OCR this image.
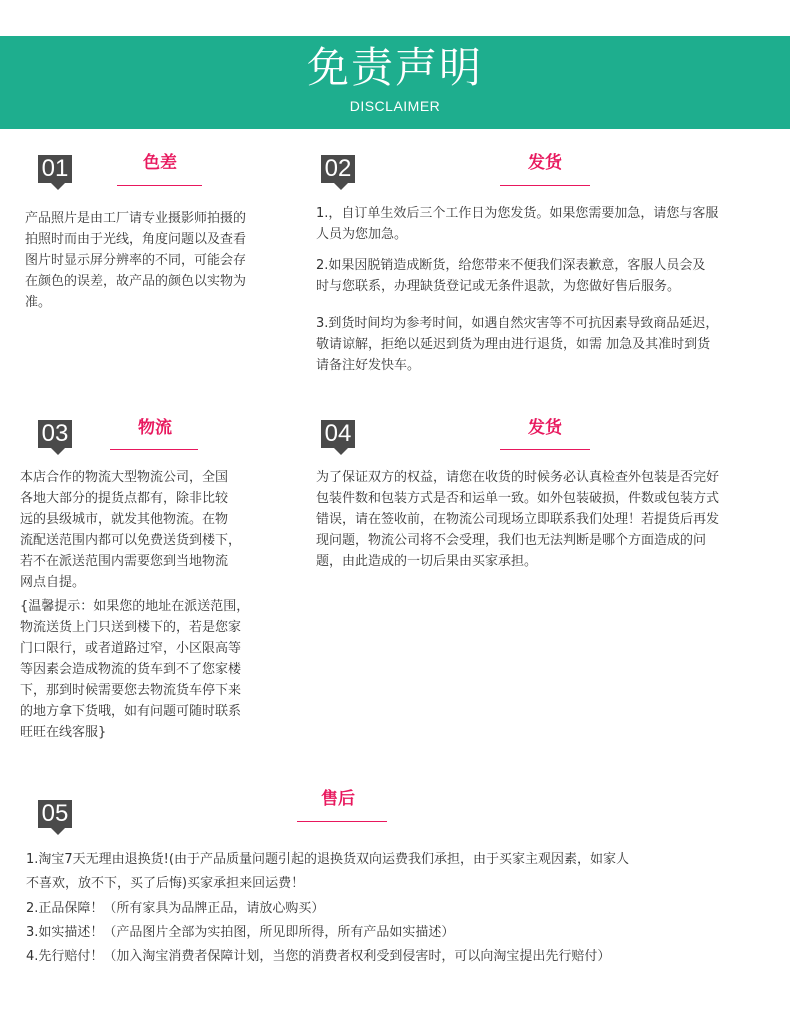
免责声明
DISCLAIMER
01	色差

产品照片是由工厂请专业摄影师拍摄的
拍照时而由于光线，角度问题以及查看
图片时显示屏分辨率的不同，可能会存
在颜色的误差，故产品的颜色以实物为
准。

02	发货

1.，自订单生效后三个工作日为您发货。如果您需要加急，请您与客服
人员为您加急。

2.如果因脱销造成断货，给您带来不便我们深表歉意，客服人员会及
时与您联系，办理缺货登记或无条件退款，为您做好售后服务。

3.到货时间均为参考时间，如遇自然灾害等不可抗因素导致商品延迟，
敬请谅解，拒绝以延迟到货为理由进行退货，如需 加急及其准时到货
请备注好发快车。

03	物流

本店合作的物流大型物流公司，全国
各地大部分的提货点都有，除非比较
远的县级城市，就发其他物流。在物
流配送范围内都可以免费送货到楼下，
若不在派送范围内需要您到当地物流
网点自提。

{温馨提示：如果您的地址在派送范围，
物流送货上门只送到楼下的，若是您家
门口限行，或者道路过窄，小区限高等
等因素会造成物流的货车到不了您家楼
下，那到时候需要您去物流货车停下来
的地方拿下货哦，如有问题可随时联系
旺旺在线客服}

04	发货

为了保证双方的权益，请您在收货的时候务必认真检查外包装是否完好
包装件数和包装方式是否和运单一致。如外包装破损，件数或包装方式
错误，请在签收前，在物流公司现场立即联系我们处理！若提货后再发
现问题，物流公司将不会受理，我们也无法判断是哪个方面造成的问
题，由此造成的一切后果由买家承担。

05
售后

1.淘宝7天无理由退换货!(由于产品质量问题引起的退换货双向运费我们承担，由于买家主观因素，如家人

不喜欢，放不下，买了后悔)买家承担来回运费！

2.正品保障！（所有家具为品牌正品，请放心购买）

3.如实描述！（产品图片全部为实拍图，所见即所得，所有产品如实描述）

4.先行赔付！（加入淘宝消费者保障计划，当您的消费者权利受到侵害时，可以向淘宝提出先行赔付）
